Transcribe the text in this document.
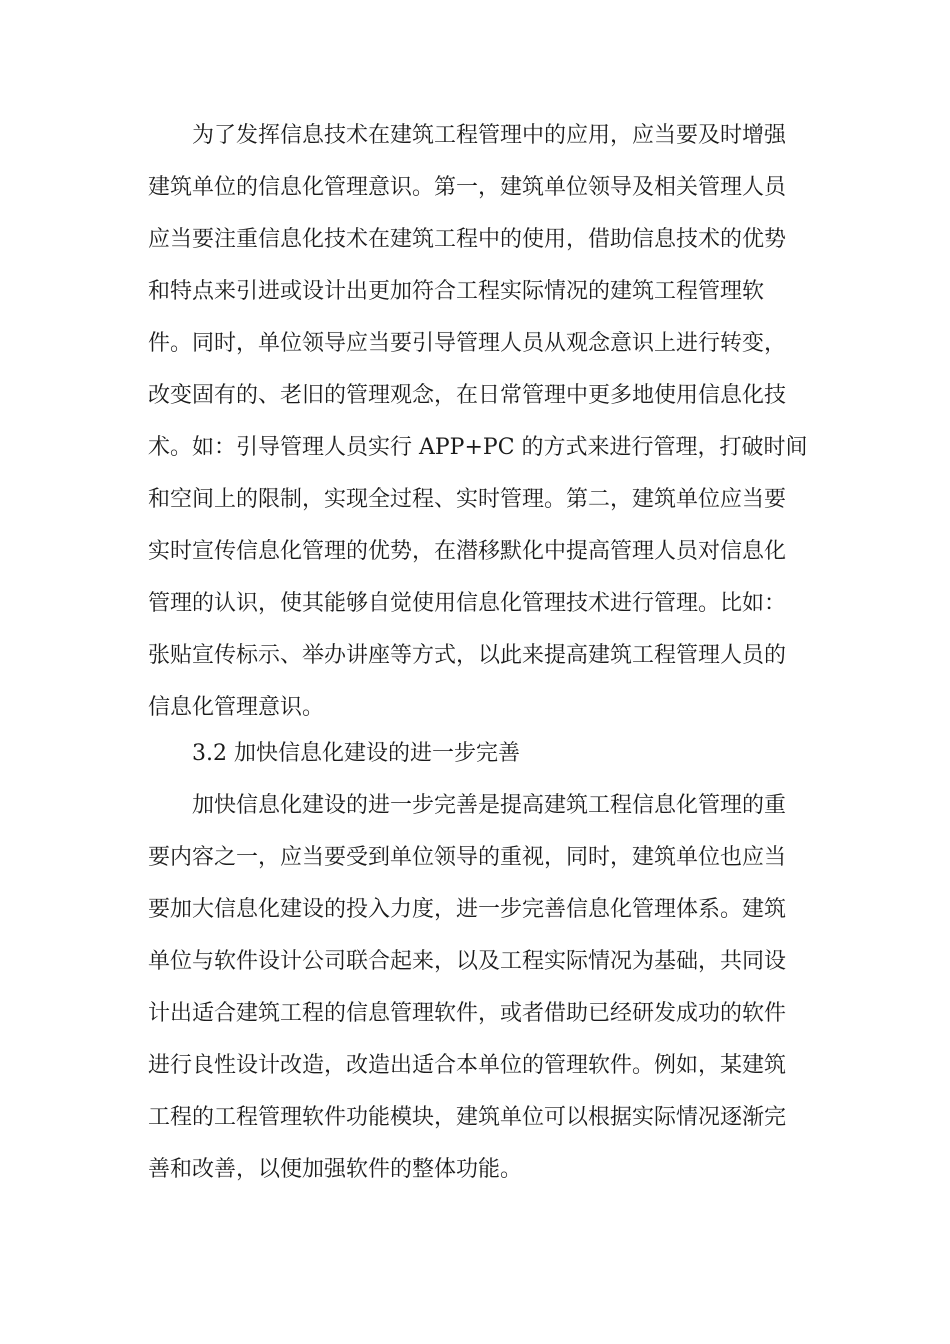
为了发挥信息技术在建筑工程管理中的应用，应当要及时增强
建筑单位的信息化管理意识。第一，建筑单位领导及相关管理人员
应当要注重信息化技术在建筑工程中的使用，借助信息技术的优势
和特点来引进或设计出更加符合工程实际情况的建筑工程管理软
件。同时，单位领导应当要引导管理人员从观念意识上进行转变，
改变固有的、老旧的管理观念，在日常管理中更多地使用信息化技
术。如：引导管理人员实行 APP+PC 的方式来进行管理，打破时间
和空间上的限制，实现全过程、实时管理。第二，建筑单位应当要
实时宣传信息化管理的优势，在潜移默化中提高管理人员对信息化
管理的认识，使其能够自觉使用信息化管理技术进行管理。比如：
张贴宣传标示、举办讲座等方式，以此来提高建筑工程管理人员的
信息化管理意识。
3.2 加快信息化建设的进一步完善
加快信息化建设的进一步完善是提高建筑工程信息化管理的重
要内容之一，应当要受到单位领导的重视，同时，建筑单位也应当
要加大信息化建设的投入力度，进一步完善信息化管理体系。建筑
单位与软件设计公司联合起来，以及工程实际情况为基础，共同设
计出适合建筑工程的信息管理软件，或者借助已经研发成功的软件
进行良性设计改造，改造出适合本单位的管理软件。例如，某建筑
工程的工程管理软件功能模块，建筑单位可以根据实际情况逐渐完
善和改善，以便加强软件的整体功能。
